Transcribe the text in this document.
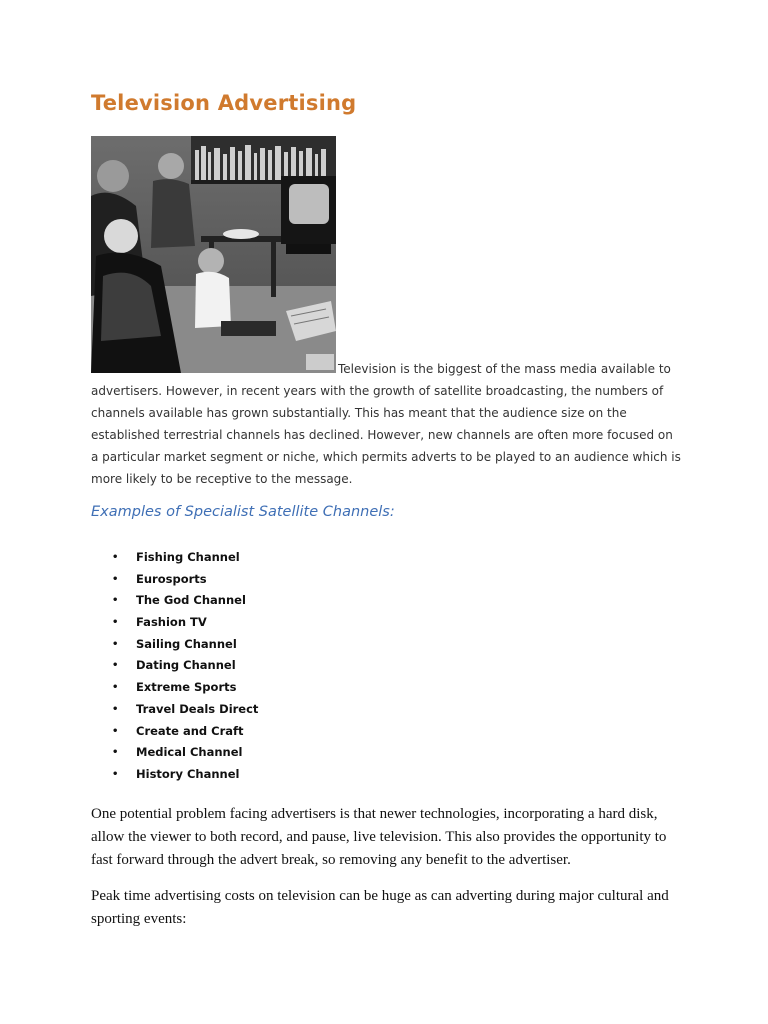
Television Advertising

Television is the biggest of the mass media available to advertisers. However, in recent years with the growth of satellite broadcasting, the numbers of channels available has grown substantially. This has meant that the audience size on the established terrestrial channels has declined. However, new channels are often more focused on a particular market segment or niche, which permits adverts to be played to an audience which is more likely to be receptive to the message.

Examples of Specialist Satellite Channels:
• Fishing Channel
• Eurosports
• The God Channel
• Fashion TV
• Sailing Channel
• Dating Channel
• Extreme Sports
• Travel Deals Direct
• Create and Craft
• Medical Channel
• History Channel

One potential problem facing advertisers is that newer technologies, incorporating a hard disk, allow the viewer to both record, and pause, live television. This also provides the opportunity to fast forward through the advert break, so removing any benefit to the advertiser.

Peak time advertising costs on television can be huge as can adverting during major cultural and sporting events:
